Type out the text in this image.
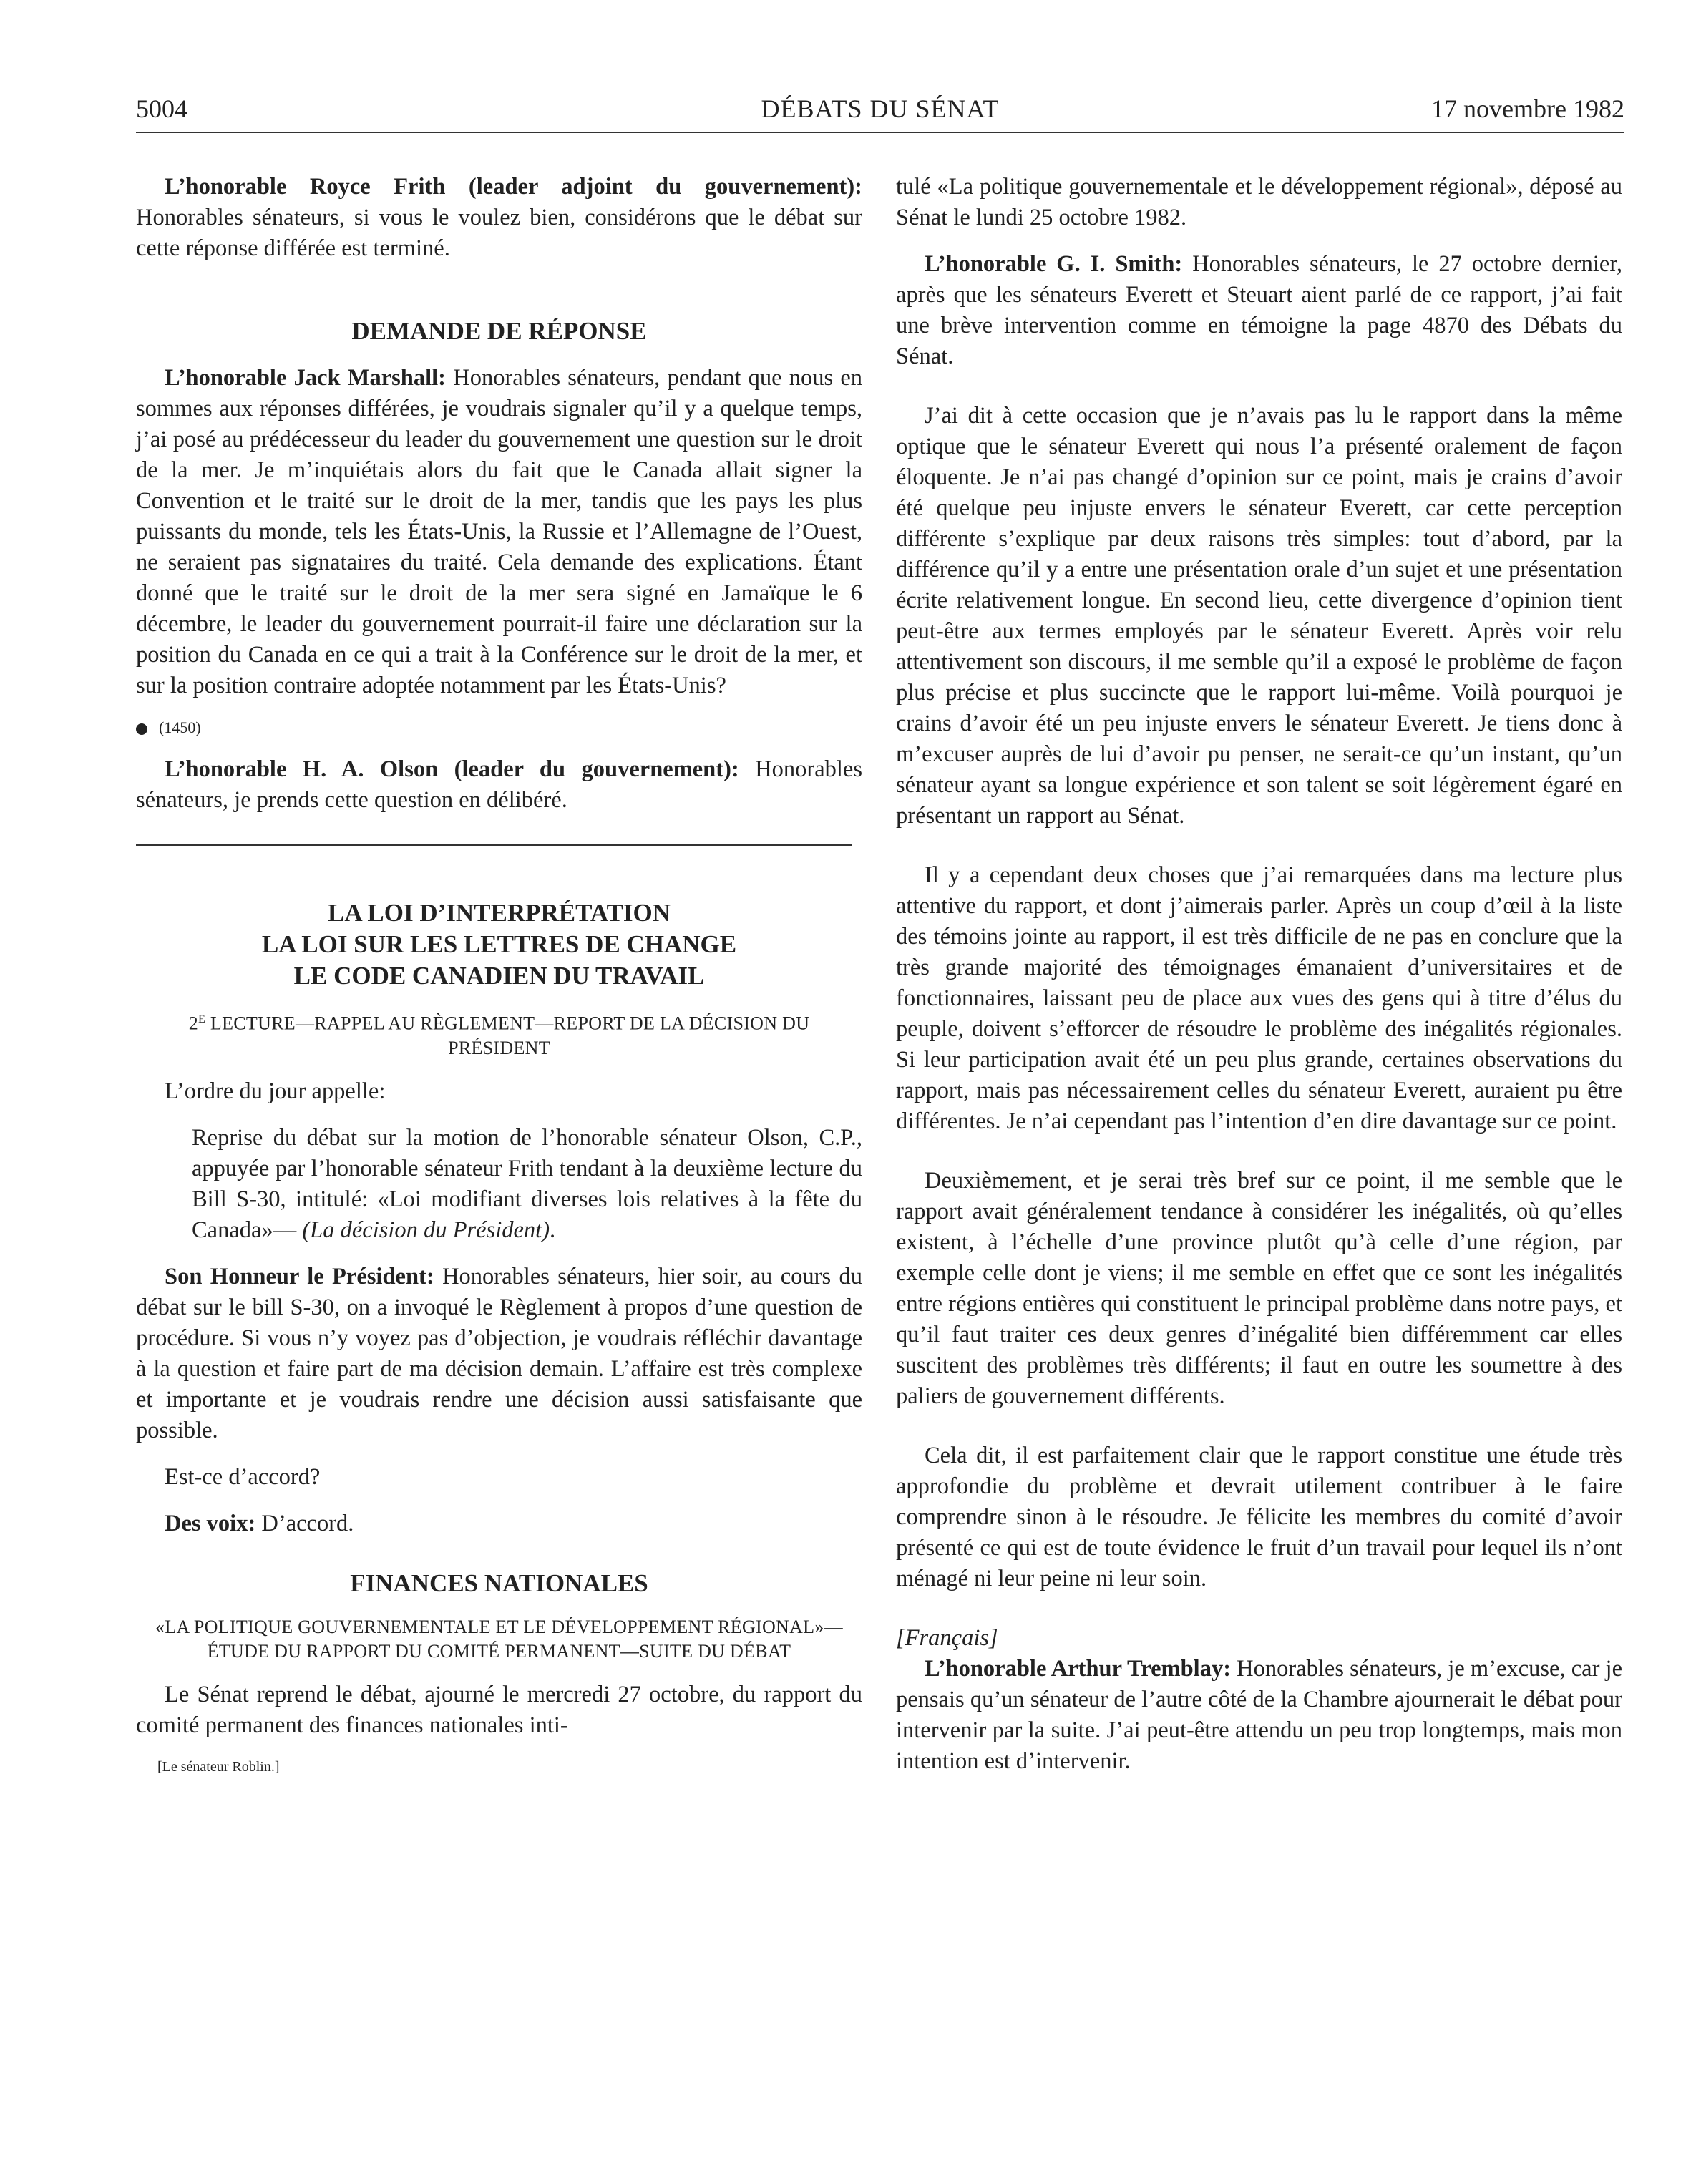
5004	DÉBATS DU SÉNAT	17 novembre 1982

L’honorable Royce Frith (leader adjoint du gouvernement): Honorables sénateurs, si vous le voulez bien, considérons que le débat sur cette réponse différée est terminé.

DEMANDE DE RÉPONSE

L’honorable Jack Marshall: Honorables sénateurs, pendant que nous en sommes aux réponses différées, je voudrais signaler qu’il y a quelque temps, j’ai posé au prédécesseur du leader du gouvernement une question sur le droit de la mer. Je m’inquiétais alors du fait que le Canada allait signer la Convention et le traité sur le droit de la mer, tandis que les pays les plus puissants du monde, tels les États-Unis, la Russie et l’Allemagne de l’Ouest, ne seraient pas signataires du traité. Cela demande des explications. Étant donné que le traité sur le droit de la mer sera signé en Jamaïque le 6 décembre, le leader du gouvernement pourrait-il faire une déclaration sur la position du Canada en ce qui a trait à la Conférence sur le droit de la mer, et sur la position contraire adoptée notamment par les États-Unis?

(1450)

L’honorable H. A. Olson (leader du gouvernement): Honorables sénateurs, je prends cette question en délibéré.

LA LOI D’INTERPRÉTATION

LA LOI SUR LES LETTRES DE CHANGE

LE CODE CANADIEN DU TRAVAIL

$2^E$ LECTURE—RAPPEL AU RÈGLEMENT—REPORT DE LA DÉCISION DU PRÉSIDENT

L’ordre du jour appelle:

Reprise du débat sur la motion de l’honorable sénateur Olson, C.P., appuyée par l’honorable sénateur Frith tendant à la deuxième lecture du Bill S-30, intitulé: «Loi modifiant diverses lois relatives à la fête du Canada»— (La décision du Président).

Son Honneur le Président: Honorables sénateurs, hier soir, au cours du débat sur le bill S-30, on a invoqué le Règlement à propos d’une question de procédure. Si vous n’y voyez pas d’objection, je voudrais réfléchir davantage à la question et faire part de ma décision demain. L’affaire est très complexe et importante et je voudrais rendre une décision aussi satisfaisante que possible.

Est-ce d’accord?

Des voix: D’accord.

FINANCES NATIONALES

«LA POLITIQUE GOUVERNEMENTALE ET LE DÉVELOPPEMENT RÉGIONAL»—ÉTUDE DU RAPPORT DU COMITÉ PERMANENT—SUITE DU DÉBAT

Le Sénat reprend le débat, ajourné le mercredi 27 octobre, du rapport du comité permanent des finances nationales inti-

[Le sénateur Roblin.]

tulé «La politique gouvernementale et le développement régional», déposé au Sénat le lundi 25 octobre 1982.

L’honorable G. I. Smith: Honorables sénateurs, le 27 octobre dernier, après que les sénateurs Everett et Steuart aient parlé de ce rapport, j’ai fait une brève intervention comme en témoigne la page 4870 des Débats du Sénat.

J’ai dit à cette occasion que je n’avais pas lu le rapport dans la même optique que le sénateur Everett qui nous l’a présenté oralement de façon éloquente. Je n’ai pas changé d’opinion sur ce point, mais je crains d’avoir été quelque peu injuste envers le sénateur Everett, car cette perception différente s’explique par deux raisons très simples: tout d’abord, par la différence qu’il y a entre une présentation orale d’un sujet et une présentation écrite relativement longue. En second lieu, cette divergence d’opinion tient peut-être aux termes employés par le sénateur Everett. Après voir relu attentivement son discours, il me semble qu’il a exposé le problème de façon plus précise et plus succincte que le rapport lui-même. Voilà pourquoi je crains d’avoir été un peu injuste envers le sénateur Everett. Je tiens donc à m’excuser auprès de lui d’avoir pu penser, ne serait-ce qu’un instant, qu’un sénateur ayant sa longue expérience et son talent se soit légèrement égaré en présentant un rapport au Sénat.

Il y a cependant deux choses que j’ai remarquées dans ma lecture plus attentive du rapport, et dont j’aimerais parler. Après un coup d’œil à la liste des témoins jointe au rapport, il est très difficile de ne pas en conclure que la très grande majorité des témoignages émanaient d’universitaires et de fonctionnaires, laissant peu de place aux vues des gens qui à titre d’élus du peuple, doivent s’efforcer de résoudre le problème des inégalités régionales. Si leur participation avait été un peu plus grande, certaines observations du rapport, mais pas nécessairement celles du sénateur Everett, auraient pu être différentes. Je n’ai cependant pas l’intention d’en dire davantage sur ce point.

Deuxièmement, et je serai très bref sur ce point, il me semble que le rapport avait généralement tendance à considérer les inégalités, où qu’elles existent, à l’échelle d’une province plutôt qu’à celle d’une région, par exemple celle dont je viens; il me semble en effet que ce sont les inégalités entre régions entières qui constituent le principal problème dans notre pays, et qu’il faut traiter ces deux genres d’inégalité bien différemment car elles suscitent des problèmes très différents; il faut en outre les soumettre à des paliers de gouvernement différents.

Cela dit, il est parfaitement clair que le rapport constitue une étude très approfondie du problème et devrait utilement contribuer à le faire comprendre sinon à le résoudre. Je félicite les membres du comité d’avoir présenté ce qui est de toute évidence le fruit d’un travail pour lequel ils n’ont ménagé ni leur peine ni leur soin.

[Français]

L’honorable Arthur Tremblay: Honorables sénateurs, je m’excuse, car je pensais qu’un sénateur de l’autre côté de la Chambre ajournerait le débat pour intervenir par la suite. J’ai peut-être attendu un peu trop longtemps, mais mon intention est d’intervenir.
